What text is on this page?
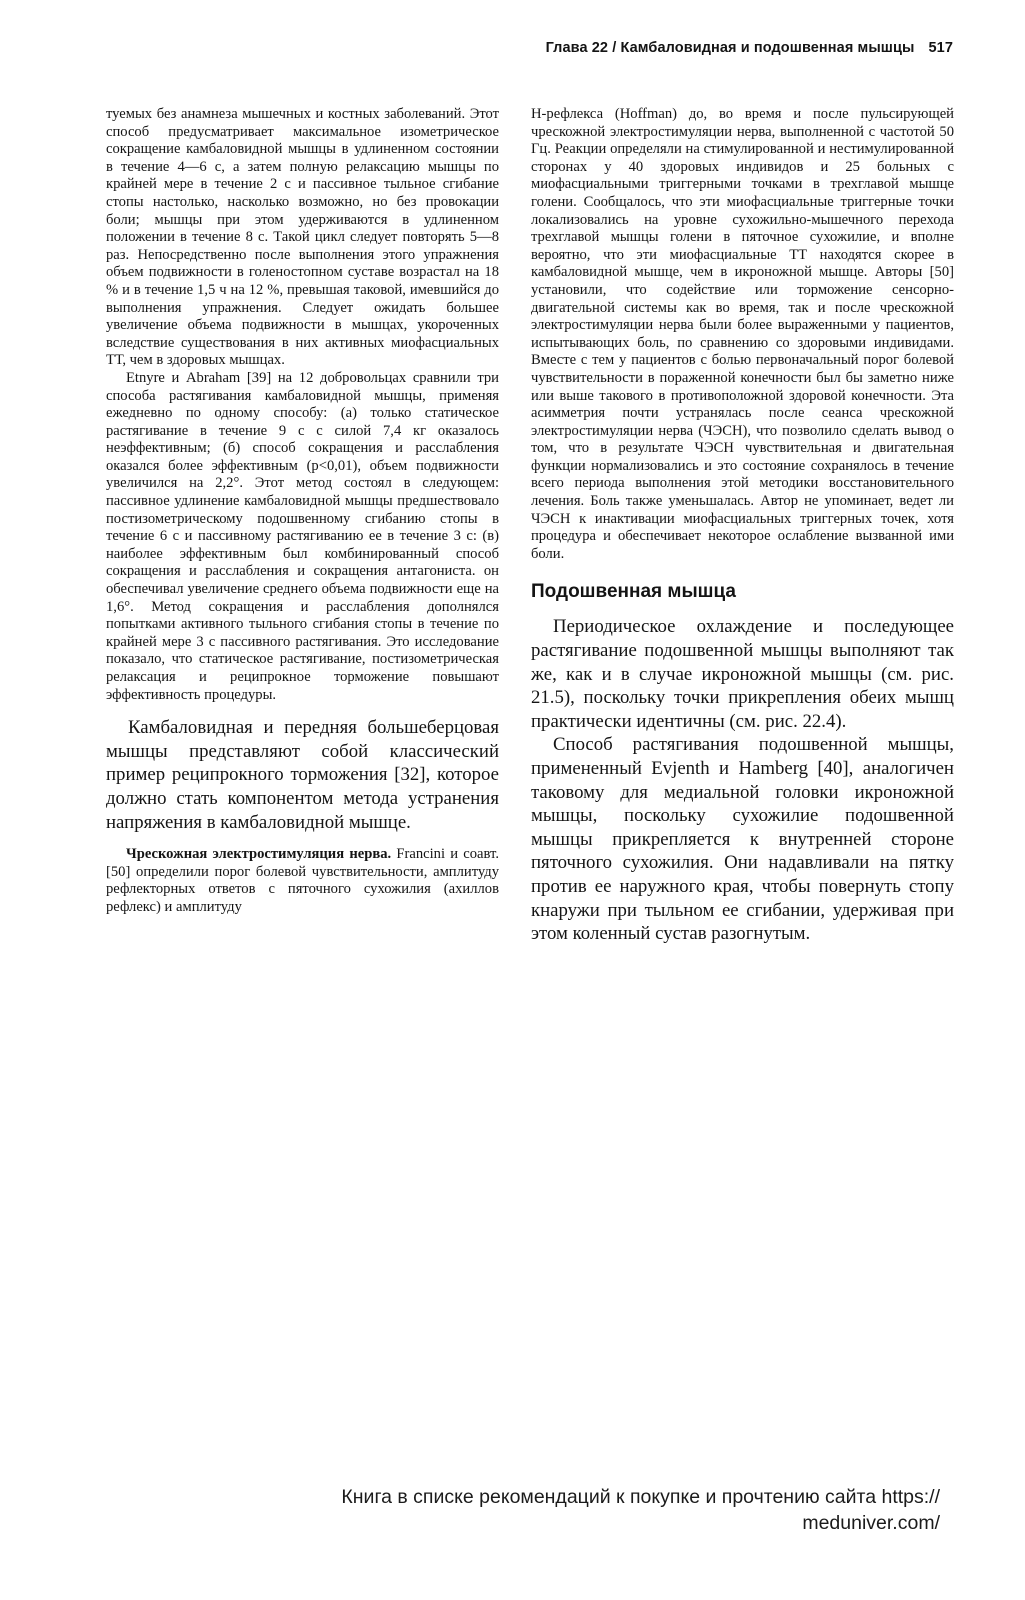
Глава 22 / Камбаловидная и подошвенная мышцы 517

туемых без анамнеза мышечных и костных заболеваний. Этот способ предусматривает максимальное изометрическое сокращение камбаловидной мышцы в удлиненном состоянии в течение 4—6 с, а затем полную релаксацию мышцы по крайней мере в течение 2 с и пассивное тыльное сгибание стопы настолько, насколько возможно, но без провокации боли; мышцы при этом удерживаются в удлиненном положении в течение 8 с. Такой цикл следует повторять 5—8 раз. Непосредственно после выполнения этого упражнения объем подвижности в голеностопном суставе возрастал на 18 % и в течение 1,5 ч на 12 %, превышая таковой, имевшийся до выполнения упражнения. Следует ожидать большее увеличение объема подвижности в мышцах, укороченных вследствие существования в них активных миофасциальных ТТ, чем в здоровых мышцах.

Etnyre и Abraham [39] на 12 добровольцах сравнили три способа растягивания камбаловидной мышцы, применяя ежедневно по одному способу: (а) только статическое растягивание в течение 9 с с силой 7,4 кг оказалось неэффективным; (б) способ сокращения и расслабления оказался более эффективным (р<0,01), объем подвижности увеличился на 2,2°. Этот метод состоял в следующем: пассивное удлинение камбаловидной мышцы предшествовало постизометрическому подошвенному сгибанию стопы в течение 6 с и пассивному растягиванию ее в течение 3 с: (в) наиболее эффективным был комбинированный способ сокращения и расслабления и сокращения антагониста. он обеспечивал увеличение среднего объема подвижности еще на 1,6°. Метод сокращения и расслабления дополнялся попытками активного тыльного сгибания стопы в течение по крайней мере 3 с пассивного растягивания. Это исследование показало, что статическое растягивание, постизометрическая релаксация и реципрокное торможение повышают эффективность процедуры.

Камбаловидная и передняя большеберцовая мышцы представляют собой классический пример реципрокного торможения [32], которое должно стать компонентом метода устранения напряжения в камбаловидной мышце.

Чрескожная электростимуляция нерва. Francini и соавт. [50] определили порог болевой чувствительности, амплитуду рефлекторных ответов с пяточного сухожилия (ахиллов рефлекс) и амплитуду

Н-рефлекса (Hoffman) до, во время и после пульсирующей чрескожной электростимуляции нерва, выполненной с частотой 50 Гц. Реакции определяли на стимулированной и нестимулированной сторонах у 40 здоровых индивидов и 25 больных с миофасциальными триггерными точками в трехглавой мышце голени. Сообщалось, что эти миофасциальные триггерные точки локализовались на уровне сухожильно-мышечного перехода трехглавой мышцы голени в пяточное сухожилие, и вполне вероятно, что эти миофасциальные ТТ находятся скорее в камбаловидной мышце, чем в икроножной мышце. Авторы [50] установили, что содействие или торможение сенсорно-двигательной системы как во время, так и после чрескожной электростимуляции нерва были более выраженными у пациентов, испытывающих боль, по сравнению со здоровыми индивидами. Вместе с тем у пациентов с болью первоначальный порог болевой чувствительности в пораженной конечности был бы заметно ниже или выше такового в противоположной здоровой конечности. Эта асимметрия почти устранялась после сеанса чрескожной электростимуляции нерва (ЧЭСН), что позволило сделать вывод о том, что в результате ЧЭСН чувствительная и двигательная функции нормализовались и это состояние сохранялось в течение всего периода выполнения этой методики восстановительного лечения. Боль также уменьшалась. Автор не упоминает, ведет ли ЧЭСН к инактивации миофасциальных триггерных точек, хотя процедура и обеспечивает некоторое ослабление вызванной ими боли.

Подошвенная мышца

Периодическое охлаждение и последующее растягивание подошвенной мышцы выполняют так же, как и в случае икроножной мышцы (см. рис. 21.5), поскольку точки прикрепления обеих мышц практически идентичны (см. рис. 22.4).

Способ растягивания подошвенной мышцы, примененный Evjenth и Hamberg [40], аналогичен таковому для медиальной головки икроножной мышцы, поскольку сухожилие подошвенной мышцы прикрепляется к внутренней стороне пяточного сухожилия. Они надавливали на пятку против ее наружного края, чтобы повернуть стопу кнаружи при тыльном ее сгибании, удерживая при этом коленный сустав разогнутым.

Книга в списке рекомендаций к покупке и прочтению сайта https://
meduniver.com/
